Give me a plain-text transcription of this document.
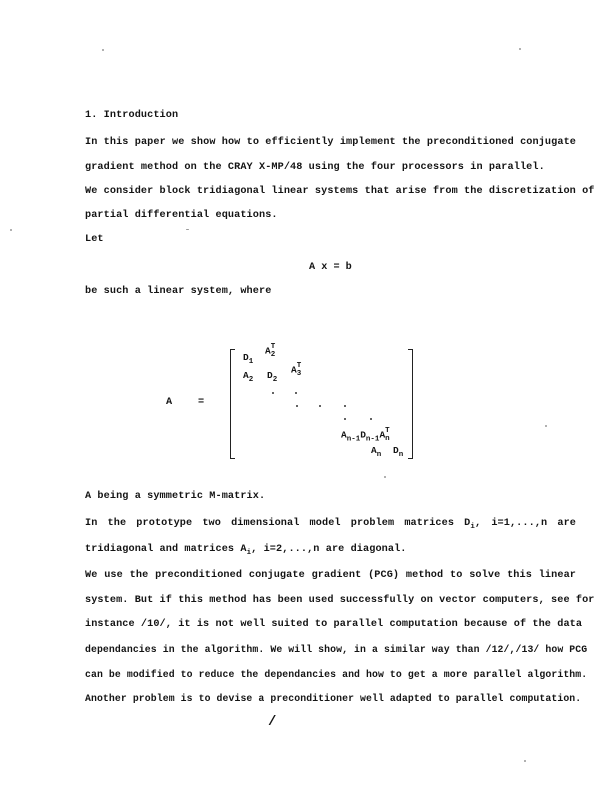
1. Introduction
In this paper we show how to efficiently implement the preconditioned conjugate
gradient method on the CRAY X-MP/48 using the four processors in parallel.
We consider block tridiagonal linear systems that arise from the discretization of
partial differential equations.
Let
A x = b
be such a linear system, where
A	=
$D_1$
AT
2
$A_2$ $D_2$
AT
3
$A_{n-1}D_{n-1}AT$
n
$A_n$ $D_n$
A being a symmetric M-matrix.
In the prototype two dimensional model problem matrices $D_i$, i=1,...,n are
tridiagonal and matrices $A_i$, i=2,...,n are diagonal.
We use the preconditioned conjugate gradient (PCG) method to solve this linear
system. But if this method has been used successfully on vector computers, see for
instance /10/, it is not well suited to parallel computation because of the data
dependancies in the algorithm. We will show, in a similar way than /12/,/13/ how PCG
can be modified to reduce the dependancies and how to get a more parallel algorithm.
Another problem is to devise a preconditioner well adapted to parallel computation.
/
